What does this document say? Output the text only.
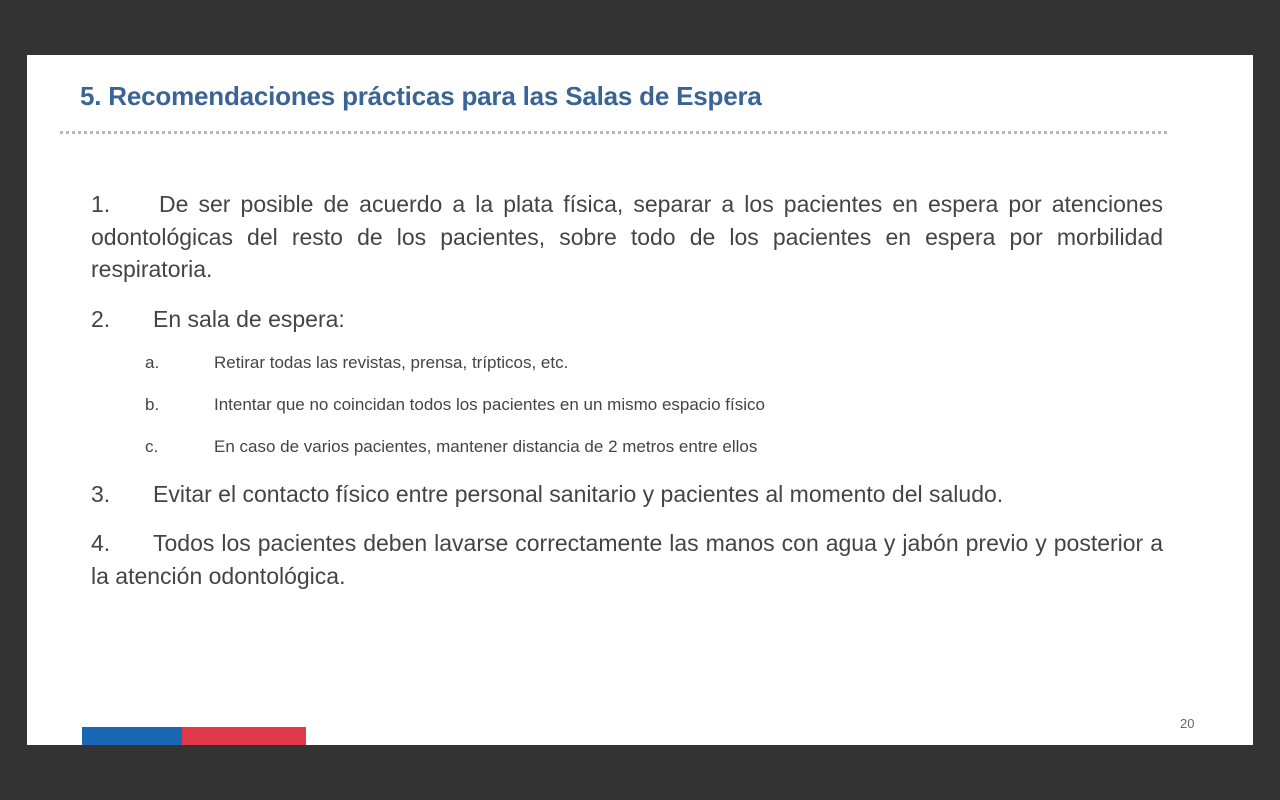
5. Recomendaciones prácticas para las Salas de Espera

1. De ser posible de acuerdo a la plata física, separar a los pacientes en espera por atenciones odontológicas del resto de los pacientes, sobre todo de los pacientes en espera por morbilidad respiratoria.

2. En sala de espera:

a.	Retirar todas las revistas, prensa, trípticos, etc.
b.	Intentar que no coincidan todos los pacientes en un mismo espacio físico
c.	En caso de varios pacientes, mantener distancia de 2 metros entre ellos

3. Evitar el contacto físico entre personal sanitario y pacientes al momento del saludo.

4. Todos los pacientes deben lavarse correctamente las manos con agua y jabón previo y posterior a la atención odontológica.

20
